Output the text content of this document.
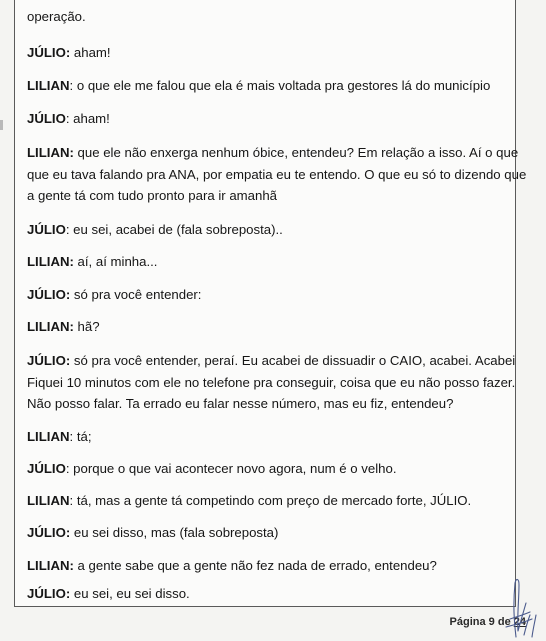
operação.
JÚLIO: aham!
LILIAN: o que ele me falou que ela é mais voltada pra gestores lá do município
JÚLIO: aham!
LILIAN: que ele não enxerga nenhum óbice, entendeu? Em relação a isso. Aí o que
que eu tava falando pra ANA, por empatia eu te entendo. O que eu só to dizendo que
a gente tá com tudo pronto para ir amanhã
JÚLIO: eu sei, acabei de (fala sobreposta)..
LILIAN: aí, aí minha...
JÚLIO: só pra você entender:
LILIAN: hã?
JÚLIO: só pra você entender, peraí. Eu acabei de dissuadir o CAIO, acabei. Acabei
Fiquei 10 minutos com ele no telefone pra conseguir, coisa que eu não posso fazer.
Não posso falar. Ta errado eu falar nesse número, mas eu fiz, entendeu?
LILIAN: tá;
JÚLIO: porque o que vai acontecer novo agora, num é o velho.
LILIAN: tá, mas a gente tá competindo com preço de mercado forte, JÚLIO.
JÚLIO: eu sei disso, mas (fala sobreposta)
LILIAN: a gente sabe que a gente não fez nada de errado, entendeu?
JÚLIO: eu sei, eu sei disso.
Página 9 de 24
